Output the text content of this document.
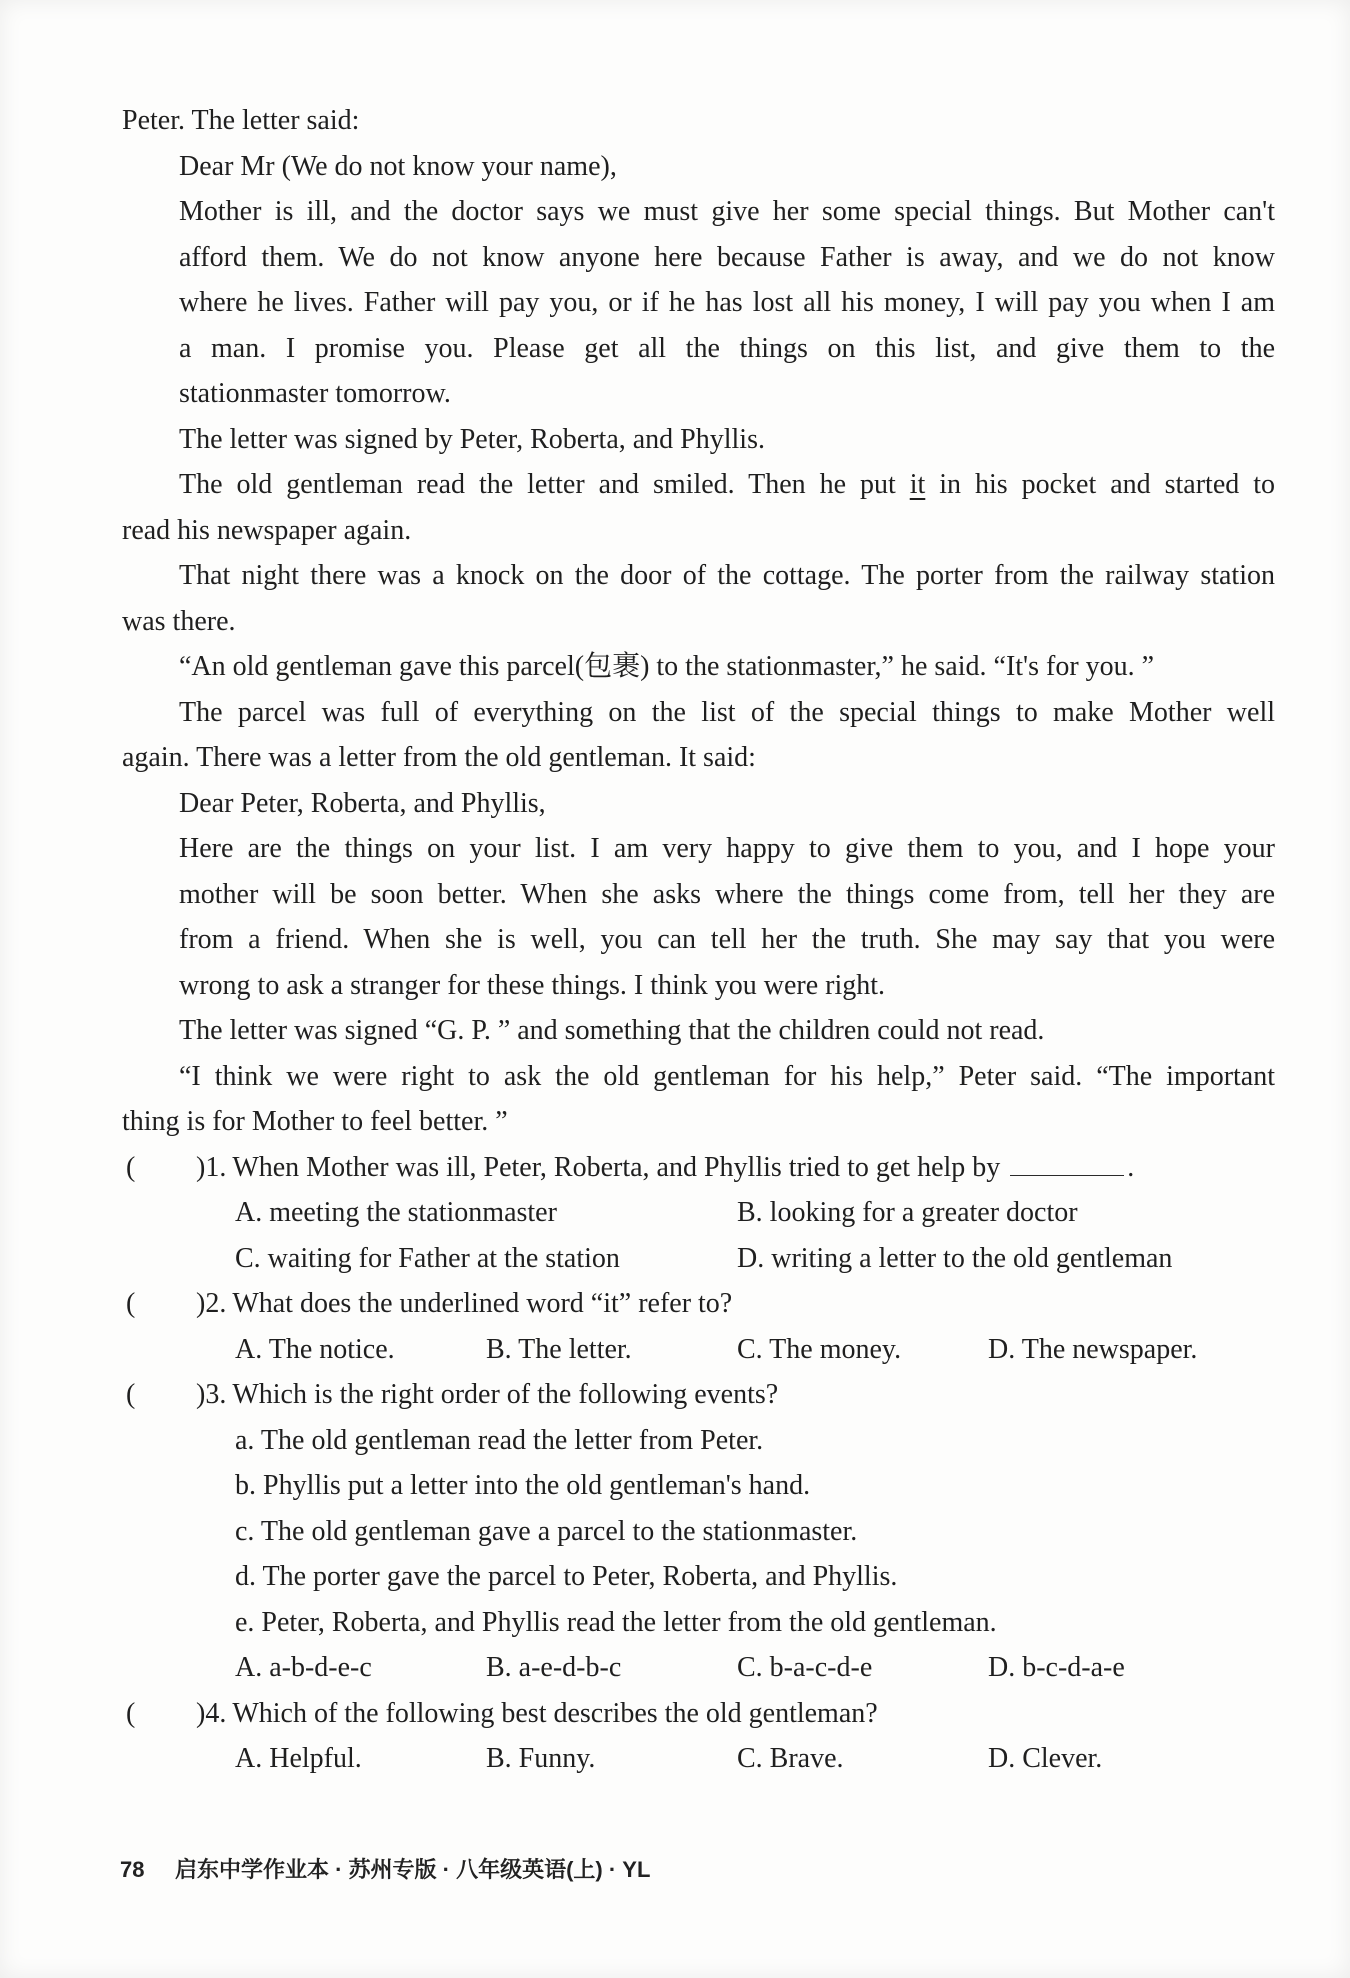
Peter. The letter said:
Dear Mr (We do not know your name),
Mother is ill, and the doctor says we must give her some special things. But Mother can't
afford them. We do not know anyone here because Father is away, and we do not know
where he lives. Father will pay you, or if he has lost all his money, I will pay you when I am
a man. I promise you. Please get all the things on this list, and give them to the
stationmaster tomorrow.
The letter was signed by Peter, Roberta, and Phyllis.
The old gentleman read the letter and smiled. Then he put it in his pocket and started to
read his newspaper again.
That night there was a knock on the door of the cottage. The porter from the railway station
was there.
“An old gentleman gave this parcel(包裹) to the stationmaster,” he said. “It's for you. ”
The parcel was full of everything on the list of the special things to make Mother well
again. There was a letter from the old gentleman. It said:
Dear Peter, Roberta, and Phyllis,
Here are the things on your list. I am very happy to give them to you, and I hope your
mother will be soon better. When she asks where the things come from, tell her they are
from a friend. When she is well, you can tell her the truth. She may say that you were
wrong to ask a stranger for these things. I think you were right.
The letter was signed “G. P. ” and something that the children could not read.
“I think we were right to ask the old gentleman for his help,” Peter said. “The important
thing is for Mother to feel better. ”
( )1. When Mother was ill, Peter, Roberta, and Phyllis tried to get help by	.
A. meeting the stationmaster	B. looking for a greater doctor
C. waiting for Father at the station	D. writing a letter to the old gentleman
( )2. What does the underlined word “it” refer to?
A. The notice.	B. The letter.	C. The money.	D. The newspaper.
( )3. Which is the right order of the following events?
a. The old gentleman read the letter from Peter.
b. Phyllis put a letter into the old gentleman's hand.
c. The old gentleman gave a parcel to the stationmaster.
d. The porter gave the parcel to Peter, Roberta, and Phyllis.
e. Peter, Roberta, and Phyllis read the letter from the old gentleman.
A. a-b-d-e-c	B. a-e-d-b-c	C. b-a-c-d-e	D. b-c-d-a-e
( )4. Which of the following best describes the old gentleman?
A. Helpful.	B. Funny.	C. Brave.	D. Clever.
78 启东中学作业本 · 苏州专版 · 八年级英语(上) · YL
